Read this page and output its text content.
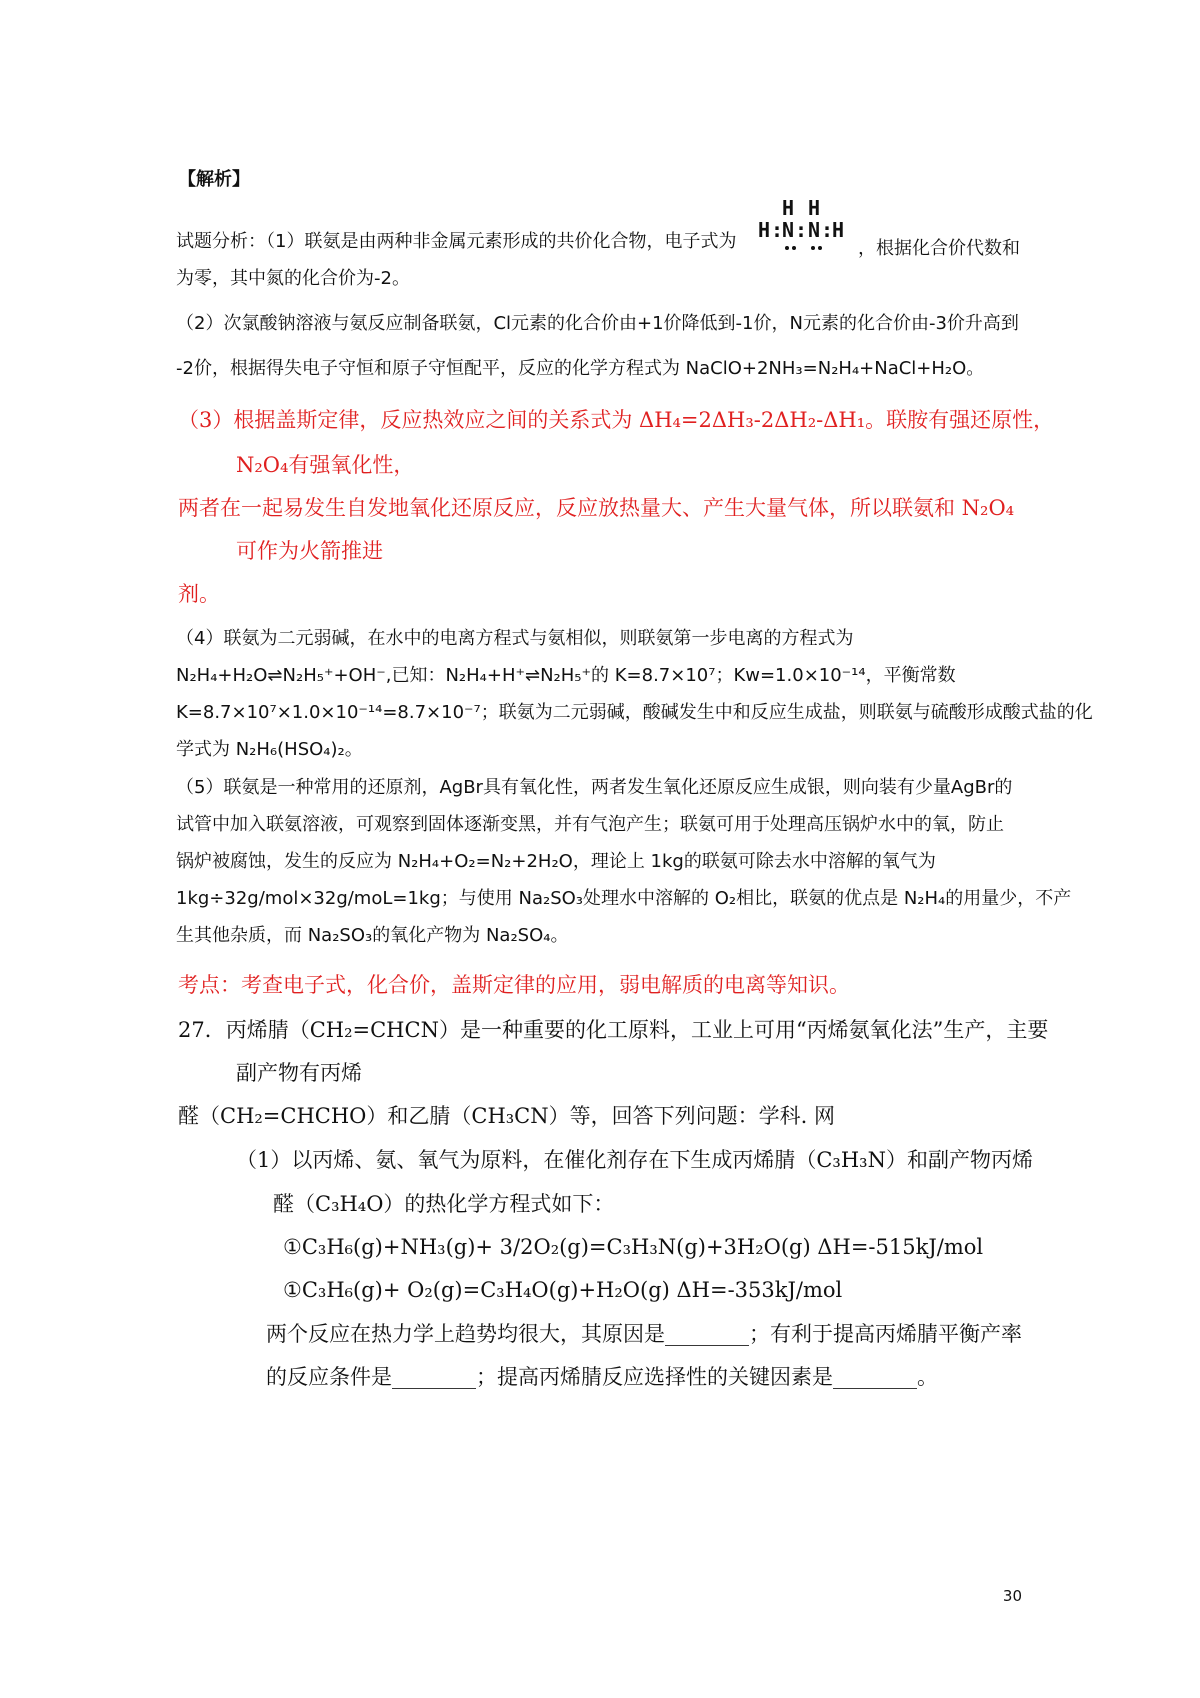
【解析】
试题分析：（1）联氨是由两种非金属元素形成的共价化合物，电子式为
H H
H :
N : N :
H
，根据化合价代数和
为零，其中氮的化合价为-2。
（2）次氯酸钠溶液与氨反应制备联氨，Cl元素的化合价由+1价降低到-1价，N元素的化合价由-3价升高到
-2价，根据得失电子守恒和原子守恒配平，反应的化学方程式为 NaClO+2NH₃=N₂H₄+NaCl+H₂O。
（3）根据盖斯定律，反应热效应之间的关系式为 ΔH₄=2ΔH₃-2ΔH₂-ΔH₁。联胺有强还原性，
N₂O₄有强氧化性，
两者在一起易发生自发地氧化还原反应，反应放热量大、产生大量气体，所以联氨和 N₂O₄
可作为火箭推进
剂。
（4）联氨为二元弱碱，在水中的电离方程式与氨相似，则联氨第一步电离的方程式为
N₂H₄+H₂O⇌N₂H₅⁺+OH⁻,已知：N₂H₄+H⁺⇌N₂H₅⁺的 K=8.7×10⁷；Kw=1.0×10⁻¹⁴，平衡常数
K=8.7×10⁷×1.0×10⁻¹⁴=8.7×10⁻⁷；联氨为二元弱碱，酸碱发生中和反应生成盐，则联氨与硫酸形成酸式盐的化
学式为 N₂H₆(HSO₄)₂。
（5）联氨是一种常用的还原剂，AgBr具有氧化性，两者发生氧化还原反应生成银，则向装有少量AgBr的
试管中加入联氨溶液，可观察到固体逐渐变黑，并有气泡产生；联氨可用于处理高压锅炉水中的氧，防止
锅炉被腐蚀，发生的反应为 N₂H₄+O₂=N₂+2H₂O，理论上 1kg的联氨可除去水中溶解的氧气为
1kg÷32g/mol×32g/moL=1kg；与使用 Na₂SO₃处理水中溶解的 O₂相比，联氨的优点是 N₂H₄的用量少，不产
生其他杂质，而 Na₂SO₃的氧化产物为 Na₂SO₄。
考点：考查电子式，化合价，盖斯定律的应用，弱电解质的电离等知识。
27．丙烯腈（CH₂=CHCN）是一种重要的化工原料，工业上可用“丙烯氨氧化法”生产，主要
副产物有丙烯
醛（CH₂=CHCHO）和乙腈（CH₃CN）等，回答下列问题：学科. 网
（1）以丙烯、氨、氧气为原料，在催化剂存在下生成丙烯腈（C₃H₃N）和副产物丙烯
醛（C₃H₄O）的热化学方程式如下：
①C₃H₆(g)+NH₃(g)+ 3/2O₂(g)=C₃H₃N(g)+3H₂O(g) ΔH=-515kJ/mol
①C₃H₆(g)+ O₂(g)=C₃H₄O(g)+H₂O(g) ΔH=-353kJ/mol
两个反应在热力学上趋势均很大，其原因是________；有利于提高丙烯腈平衡产率
的反应条件是________；提高丙烯腈反应选择性的关键因素是________。
30
